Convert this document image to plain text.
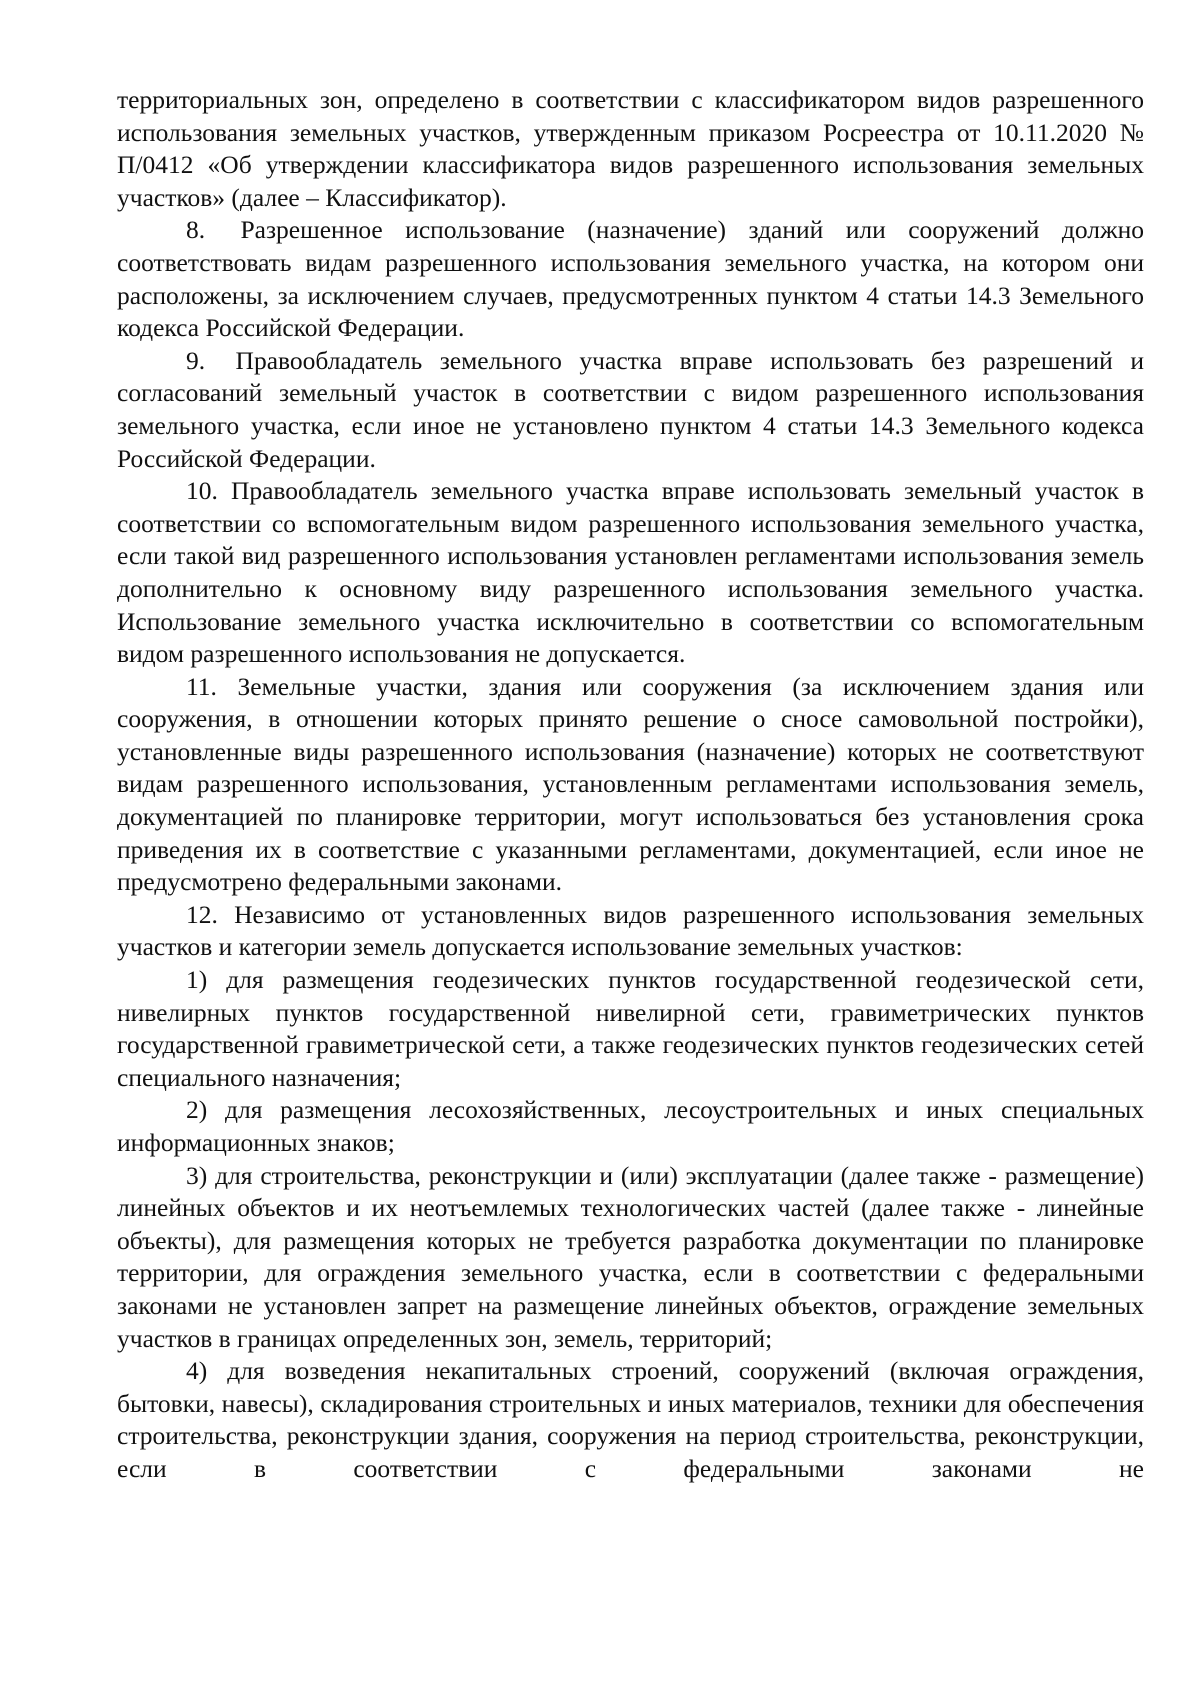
территориальных зон, определено в соответствии с классификатором видов разрешенного использования земельных участков, утвержденным приказом Росреестра от 10.11.2020 № П/0412 «Об утверждении классификатора видов разрешенного использования земельных участков» (далее – Классификатор).

8. Разрешенное использование (назначение) зданий или сооружений должно соответствовать видам разрешенного использования земельного участка, на котором они расположены, за исключением случаев, предусмотренных пунктом 4 статьи 14.3 Земельного кодекса Российской Федерации.

9. Правообладатель земельного участка вправе использовать без разрешений и согласований земельный участок в соответствии с видом разрешенного использования земельного участка, если иное не установлено пунктом 4 статьи 14.3 Земельного кодекса Российской Федерации.

10. Правообладатель земельного участка вправе использовать земельный участок в соответствии со вспомогательным видом разрешенного использования земельного участка, если такой вид разрешенного использования установлен регламентами использования земель дополнительно к основному виду разрешенного использования земельного участка. Использование земельного участка исключительно в соответствии со вспомогательным видом разрешенного использования не допускается.

11. Земельные участки, здания или сооружения (за исключением здания или сооружения, в отношении которых принято решение о сносе самовольной постройки), установленные виды разрешенного использования (назначение) которых не соответствуют видам разрешенного использования, установленным регламентами использования земель, документацией по планировке территории, могут использоваться без установления срока приведения их в соответствие с указанными регламентами, документацией, если иное не предусмотрено федеральными законами.

12. Независимо от установленных видов разрешенного использования земельных участков и категории земель допускается использование земельных участков:

1) для размещения геодезических пунктов государственной геодезической сети, нивелирных пунктов государственной нивелирной сети, гравиметрических пунктов государственной гравиметрической сети, а также геодезических пунктов геодезических сетей специального назначения;

2) для размещения лесохозяйственных, лесоустроительных и иных специальных информационных знаков;

3) для строительства, реконструкции и (или) эксплуатации (далее также - размещение) линейных объектов и их неотъемлемых технологических частей (далее также - линейные объекты), для размещения которых не требуется разработка документации по планировке территории, для ограждения земельного участка, если в соответствии с федеральными законами не установлен запрет на размещение линейных объектов, ограждение земельных участков в границах определенных зон, земель, территорий;

4) для возведения некапитальных строений, сооружений (включая ограждения, бытовки, навесы), складирования строительных и иных материалов, техники для обеспечения строительства, реконструкции здания, сооружения на период строительства, реконструкции, если в соответствии с федеральными законами не
